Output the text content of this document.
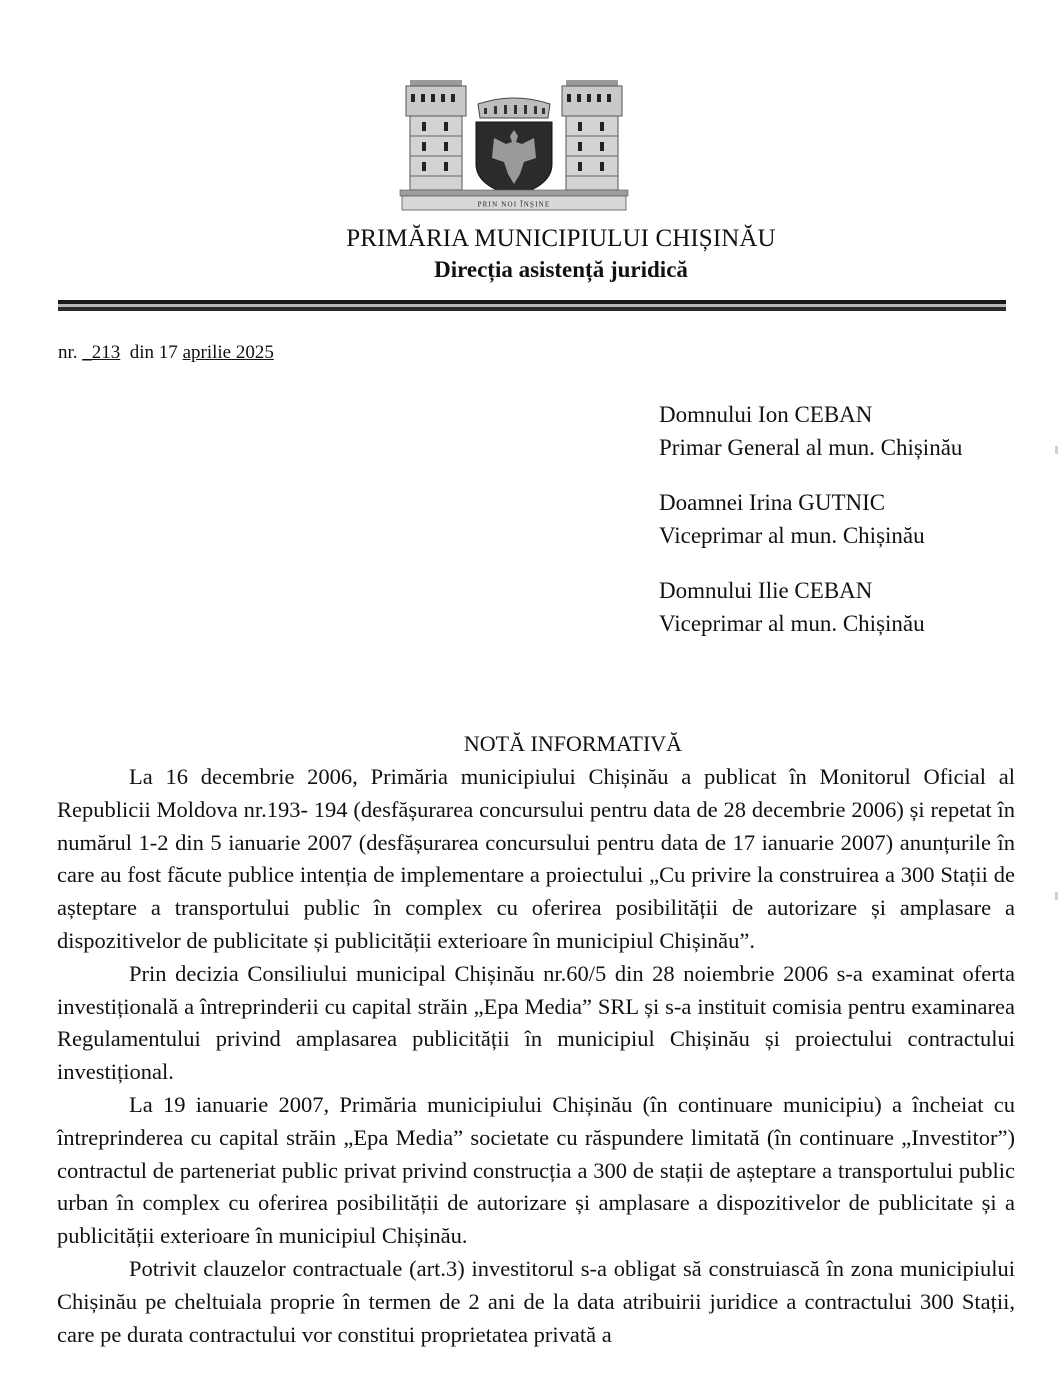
PRIN NOI ÎNȘINE
PRIMĂRIA MUNICIPIULUI CHIȘINĂU
Direcția asistență juridică
nr. _213 din 17 aprilie 2025
Domnului Ion CEBAN
Primar General al mun. Chișinău
Doamnei Irina GUTNIC
Viceprimar al mun. Chișinău
Domnului Ilie CEBAN
Viceprimar al mun. Chișinău
NOTĂ INFORMATIVĂ

La 16 decembrie 2006, Primăria municipiului Chișinău a publicat în Monitorul Oficial al Republicii Moldova nr.193- 194 (desfășurarea concursului pentru data de 28 decembrie 2006) și repetat în numărul 1-2 din 5 ianuarie 2007 (desfășurarea concursului pentru data de 17 ianuarie 2007) anunțurile în care au fost făcute publice intenția de implementare a proiectului „Cu privire la construirea a 300 Stații de așteptare a transportului public în complex cu oferirea posibilității de autorizare și amplasare a dispozitivelor de publicitate și publicității exterioare în municipiul Chișinău”.

Prin decizia Consiliului municipal Chișinău nr.60/5 din 28 noiembrie 2006 s-a examinat oferta investițională a întreprinderii cu capital străin „Epa Media” SRL și s-a instituit comisia pentru examinarea Regulamentului privind amplasarea publicității în municipiul Chișinău și proiectului contractului investițional.

La 19 ianuarie 2007, Primăria municipiului Chișinău (în continuare municipiu) a încheiat cu întreprinderea cu capital străin „Epa Media” societate cu răspundere limitată (în continuare „Investitor”) contractul de parteneriat public privat privind construcția a 300 de stații de așteptare a transportului public urban în complex cu oferirea posibilității de autorizare și amplasare a dispozitivelor de publicitate și a publicității exterioare în municipiul Chișinău.

Potrivit clauzelor contractuale (art.3) investitorul s-a obligat să construiască în zona municipiului Chișinău pe cheltuiala proprie în termen de 2 ani de la data atribuirii juridice a contractului 300 Stații, care pe durata contractului vor constitui proprietatea privată a
